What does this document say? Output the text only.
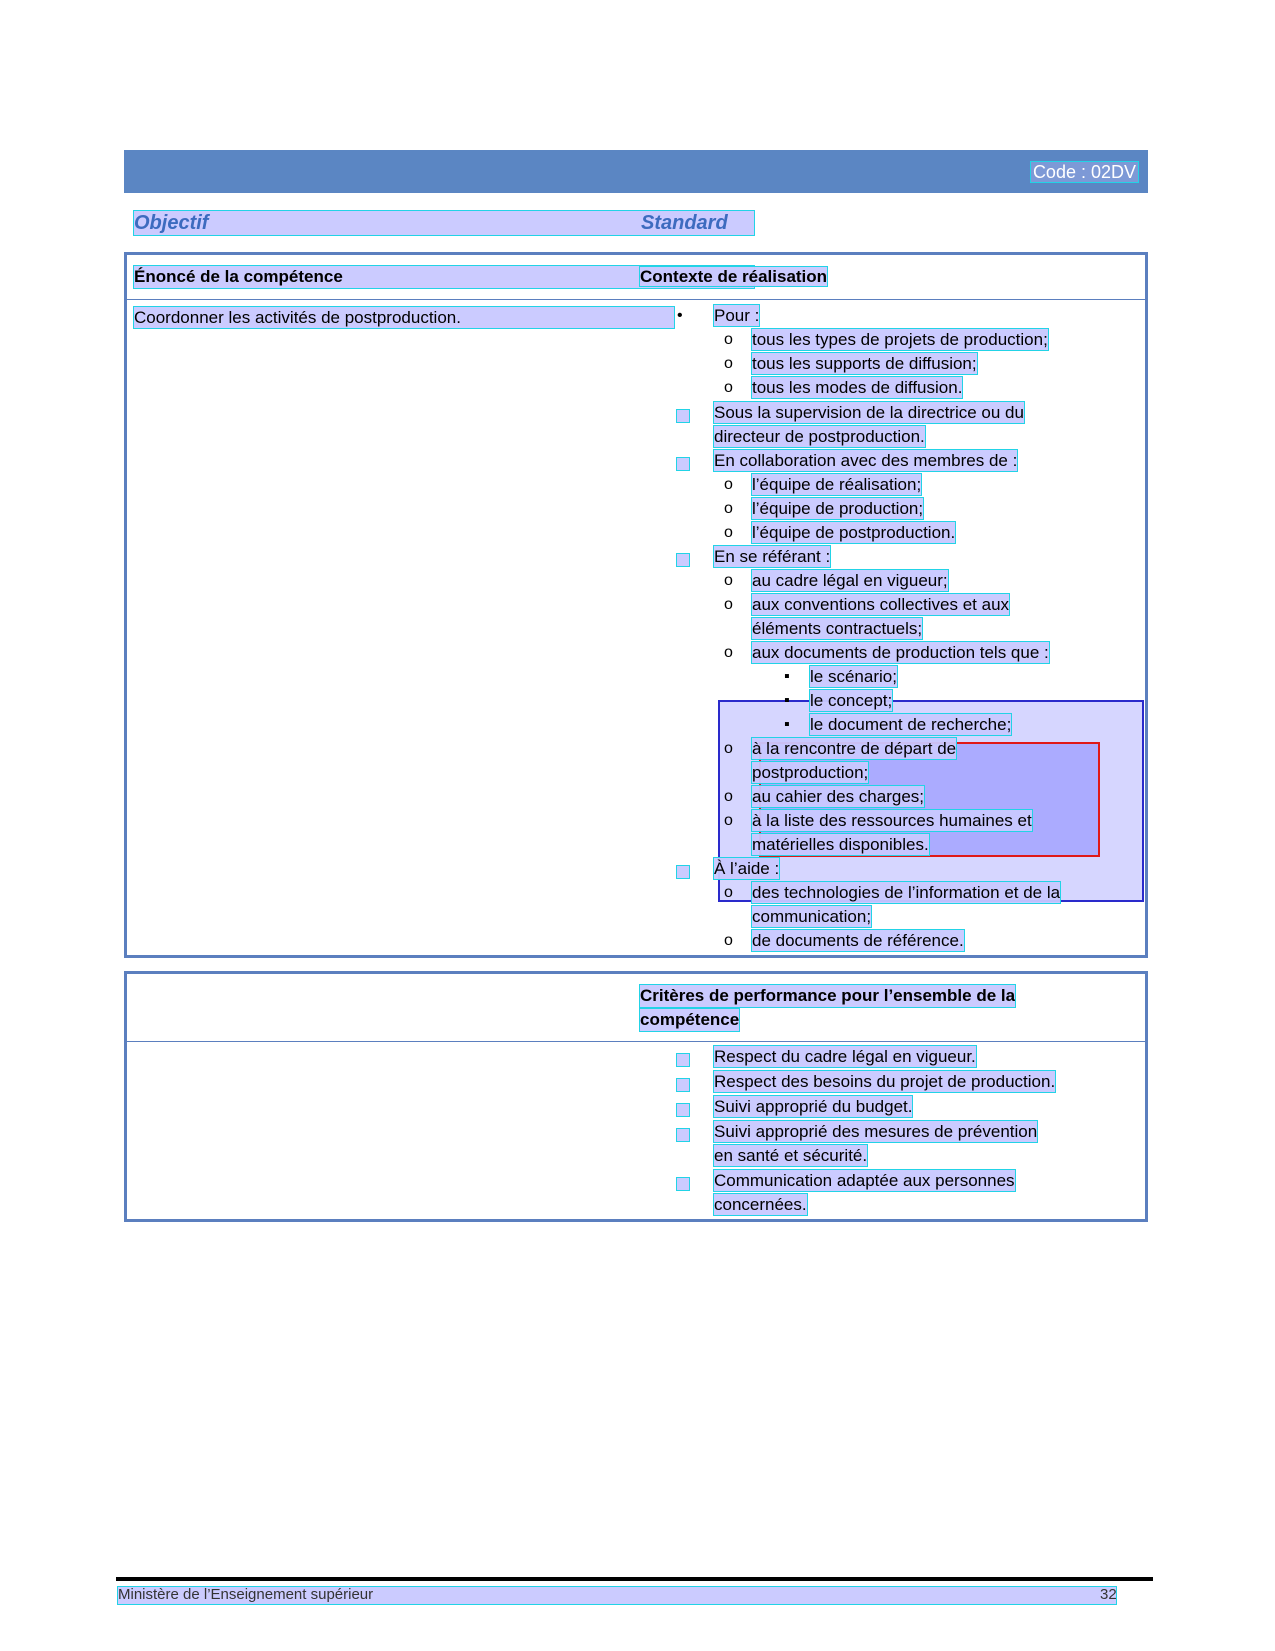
Code : 02DV
Objectif	Standard
Énoncé de la compétence	Contexte de réalisation
Coordonner les activités de postproduction.	• Pour :
o tous les types de projets de production;
o tous les supports de diffusion;
o tous les modes de diffusion.
Sous la supervision de la directrice ou du
directeur de postproduction.
En collaboration avec des membres de :
o l’équipe de réalisation;
o l’équipe de production;
o l’équipe de postproduction.
En se référant :
o au cadre légal en vigueur;
o aux conventions collectives et aux
éléments contractuels;
o aux documents de production tels que :
▪ le scénario;
▪ le concept;
▪ le document de recherche;
o à la rencontre de départ de
postproduction;
o au cahier des charges;
o à la liste des ressources humaines et
matérielles disponibles.
À l’aide :
o des technologies de l’information et de la
communication;
o de documents de référence.
Critères de performance pour l’ensemble de la
compétence
Respect du cadre légal en vigueur.
Respect des besoins du projet de production.
Suivi approprié du budget.
Suivi approprié des mesures de prévention
en santé et sécurité.
Communication adaptée aux personnes
concernées.
Ministère de l’Enseignement supérieur	32
